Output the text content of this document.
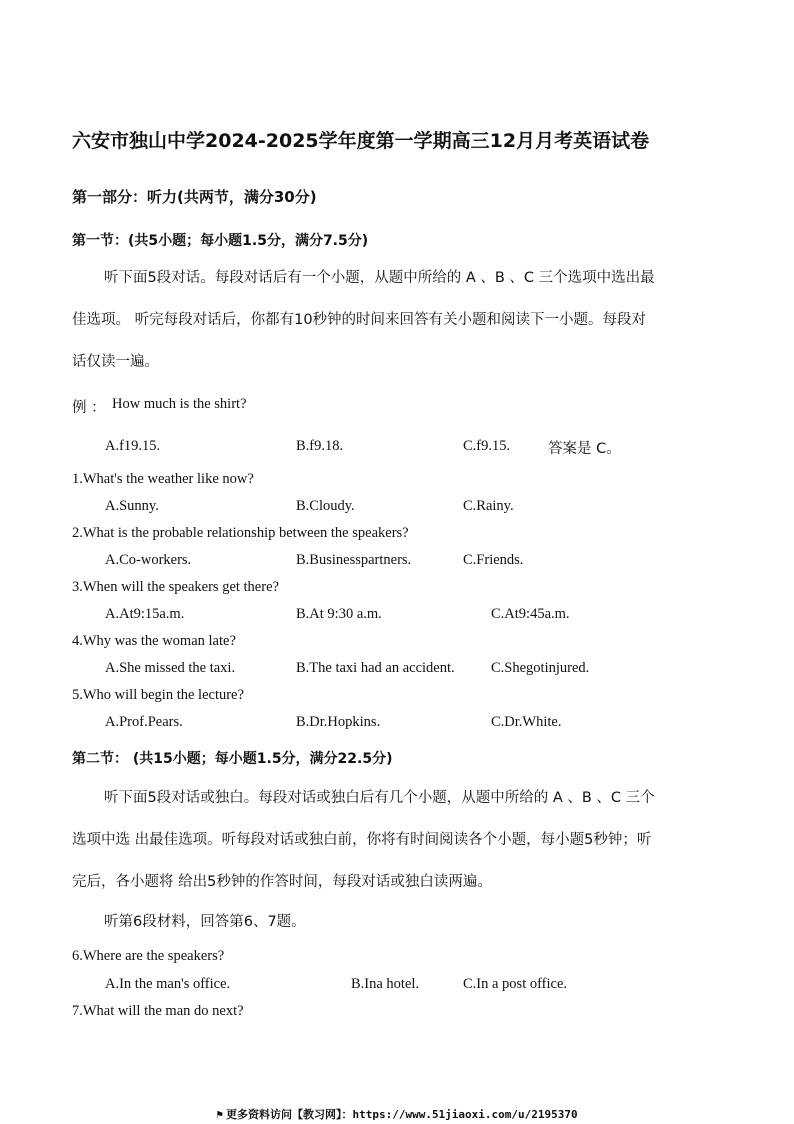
六安市独山中学2024-2025学年度第一学期高三12月月考英语试卷
第一部分：听力(共两节，满分30分)
第一节：(共5小题；每小题1.5分，满分7.5分)
听下面5段对话。每段对话后有一个小题，从题中所给的 A 、B 、C 三个选项中选出最
佳选项。 听完每段对话后，你都有10秒钟的时间来回答有关小题和阅读下一小题。每段对
话仅读一遍。
例 ： How much is the shirt?
A.f19.15.	B.f9.18.	C.f9.15.	答案是 C。
1.What's the weather like now?
A.Sunny.	B.Cloudy.	C.Rainy.
2.What is the probable relationship between the speakers?
A.Co-workers.	B.Businesspartners.	C.Friends.
3.When will the speakers get there?
A.At9:15a.m.	B.At 9:30 a.m.	C.At9:45a.m.
4.Why was the woman late?
A.She missed the taxi.	B.The taxi had an accident.	C.Shegotinjured.
5.Who will begin the lecture?
A.Prof.Pears.	B.Dr.Hopkins.	C.Dr.White.
第二节： (共15小题；每小题1.5分，满分22.5分)
听下面5段对话或独白。每段对话或独白后有几个小题，从题中所给的 A 、B 、C 三个
选项中选 出最佳选项。听每段对话或独白前，你将有时间阅读各个小题，每小题5秒钟；听
完后，各小题将 给出5秒钟的作答时间，每段对话或独白读两遍。
听第6段材料，回答第6、7题。
6.Where are the speakers?
A.In the man's office.	B.Ina hotel.	C.In a post office.
7.What will the man do next?
⚑ 更多资料访问【教习网】：https://www.51jiaoxi.com/u/2195370
